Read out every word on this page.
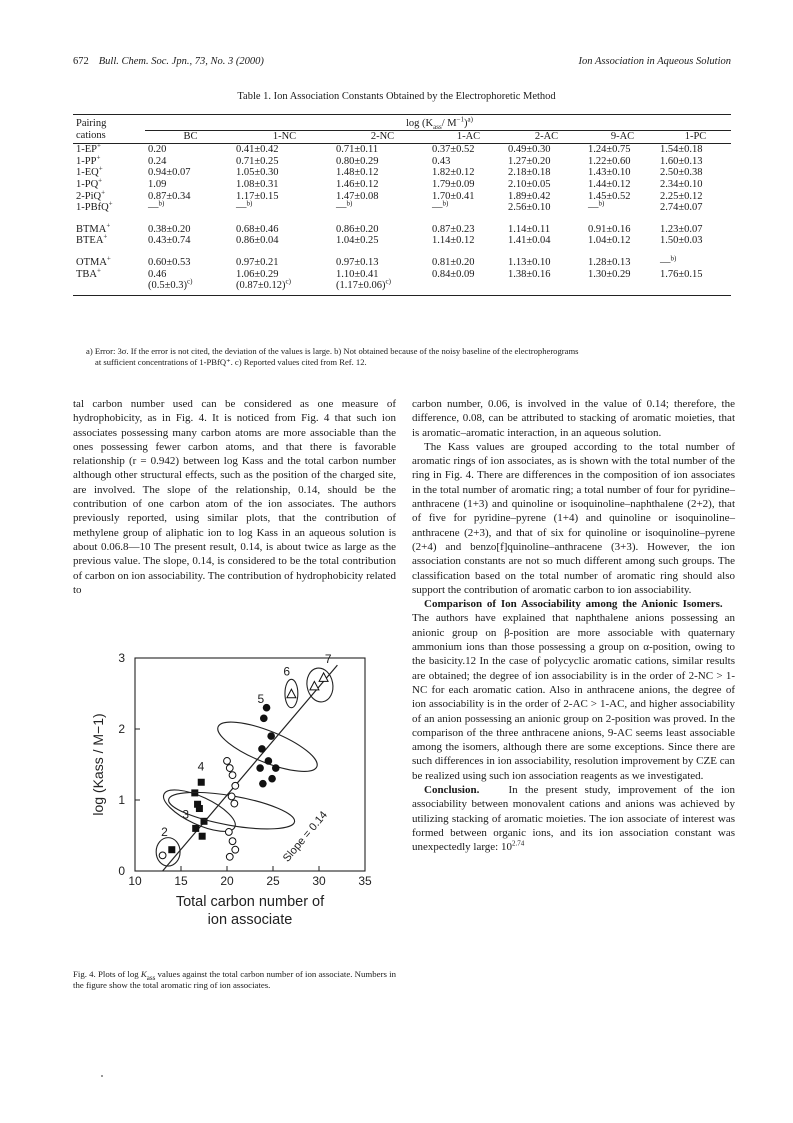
672 Bull. Chem. Soc. Jpn., 73, No. 3 (2000)	Ion Association in Aqueous Solution
Table 1. Ion Association Constants Obtained by the Electrophoretic Method
Pairing	$\log (K_{ass}/$ $M^{-1})^{a)}$
cations	BC	1-NC	2-NC	1-AC	2-AC	9-AC	1-PC
1-EP+	0.20	0.41±0.42	0.71±0.11	0.37±0.52	0.49±0.30	1.24±0.75	1.54±0.18
1-PP+	0.24	0.71±0.25	0.80±0.29	0.43	1.27±0.20	1.22±0.60	1.60±0.13
1-EQ+	0.94±0.07	1.05±0.30	1.48±0.12	1.82±0.12	2.18±0.18	1.43±0.10	2.50±0.38
1-PQ+	1.09	1.08±0.31	1.46±0.12	1.79±0.09	2.10±0.05	1.44±0.12	2.34±0.10
2-PiQ+	0.87±0.34	1.17±0.15	1.47±0.08	1.70±0.41	1.89±0.42	1.45±0.52	2.25±0.12
1-PBfQ+	—$^{b)}$	—$^{b)}$	—$^{b)}$	—$^{b)}$	2.56±0.10	—$^{b)}$	2.74±0.07

BTMA+	0.38±0.20	0.68±0.46	0.86±0.20	0.87±0.23	1.14±0.11	0.91±0.16	1.23±0.07
BTEA+	0.43±0.74	0.86±0.04	1.04±0.25	1.14±0.12	1.41±0.04	1.04±0.12	1.50±0.03

OTMA+	0.60±0.53	0.97±0.21	0.97±0.13	0.81±0.20	1.13±0.10	1.28±0.13	—$^{b)}$
TBA+	0.46	1.06±0.29	1.10±0.41	0.84±0.09	1.38±0.16	1.30±0.29	1.76±0.15
	$(0.5\pm 0.3)^{c)}$	$(0.87\pm 0.12)^{c)}$	$(1.17\pm 0.06)^{c)}$				
a) Error: 3σ. If the error is not cited, the deviation of the values is large. b) Not obtained because of the noisy baseline of the electropherograms
at sufficient concentrations of 1-PBfQ⁺. c) Reported values cited from Ref. 12.

tal carbon number used can be considered as one measure of hydrophobicity, as in Fig. 4. It is noticed from Fig. 4 that such ion associates possessing many carbon atoms are more associable than the ones possessing fewer carbon atoms, and that there is favorable relationship (r = 0.942) between log Kass and the total carbon number although other structural effects, such as the position of the charged site, are involved. The slope of the relationship, 0.14, should be the contribution of one carbon atom of the ion associates. The authors previously reported, using similar plots, that the contribution of methylene group of aliphatic ion to log Kass in an aqueous solution is about 0.06.8—10 The present result, 0.14, is about twice as large as the previous value. The slope, 0.14, is considered to be the total contribution of carbon on ion associability. The contribution of hydrophobicity related to

10	15	20	25	30	35
0
1
2
3
log (Kass / M−1)
Total carbon number of
ion associate
Slope = 0.14
2
3
4
5
6
7
Fig. 4. Plots of $\log K_{ass}$ values against the total carbon number of ion associate. Numbers in the figure show the total aromatic ring of ion associates.

carbon number, 0.06, is involved in the value of 0.14; therefore, the difference, 0.08, can be attributed to stacking of aromatic moieties, that is aromatic–aromatic interaction, in an aqueous solution.

The Kass values are grouped according to the total number of aromatic rings of ion associates, as is shown with the total number of the ring in Fig. 4. There are differences in the composition of ion associates in the total number of aromatic ring; a total number of four for pyridine–anthracene (1+3) and quinoline or isoquinoline–naphthalene (2+2), that of five for pyridine–pyrene (1+4) and quinoline or isoquinoline–anthracene (2+3), and that of six for quinoline or isoquinoline–pyrene (2+4) and benzo[f]quinoline–anthracene (3+3). However, the ion association constants are not so much different among such groups. The classification based on the total number of aromatic ring should also support the contribution of aromatic carbon to ion associability.

Comparison of Ion Associability among the Anionic Isomers.    The authors have explained that naphthalene anions possessing an anionic group on β-position are more associable with quaternary ammonium ions than those possessing a group on α-position, owing to the basicity.12 In the case of polycyclic aromatic cations, similar results are obtained; the degree of ion associability is in the order of 2-NC > 1-NC for each aromatic cation. Also in anthracene anions, the degree of ion associability is in the order of 2-AC > 1-AC, and higher associability of an anion possessing an anionic group on 2-position was proved. In the comparison of the three anthracene anions, 9-AC seems least associable among the isomers, although there are some exceptions. Since there are such differences in ion associability, resolution improvement by CZE can be realized using such ion association reagents as we investigated.

Conclusion.	In the present study, improvement of the ion associability between monovalent cations and anions was achieved by utilizing stacking of aromatic moieties. The ion associate of interest was formed between organic ions, and its ion association constant was unexpectedly large: $10^{2.74}$
